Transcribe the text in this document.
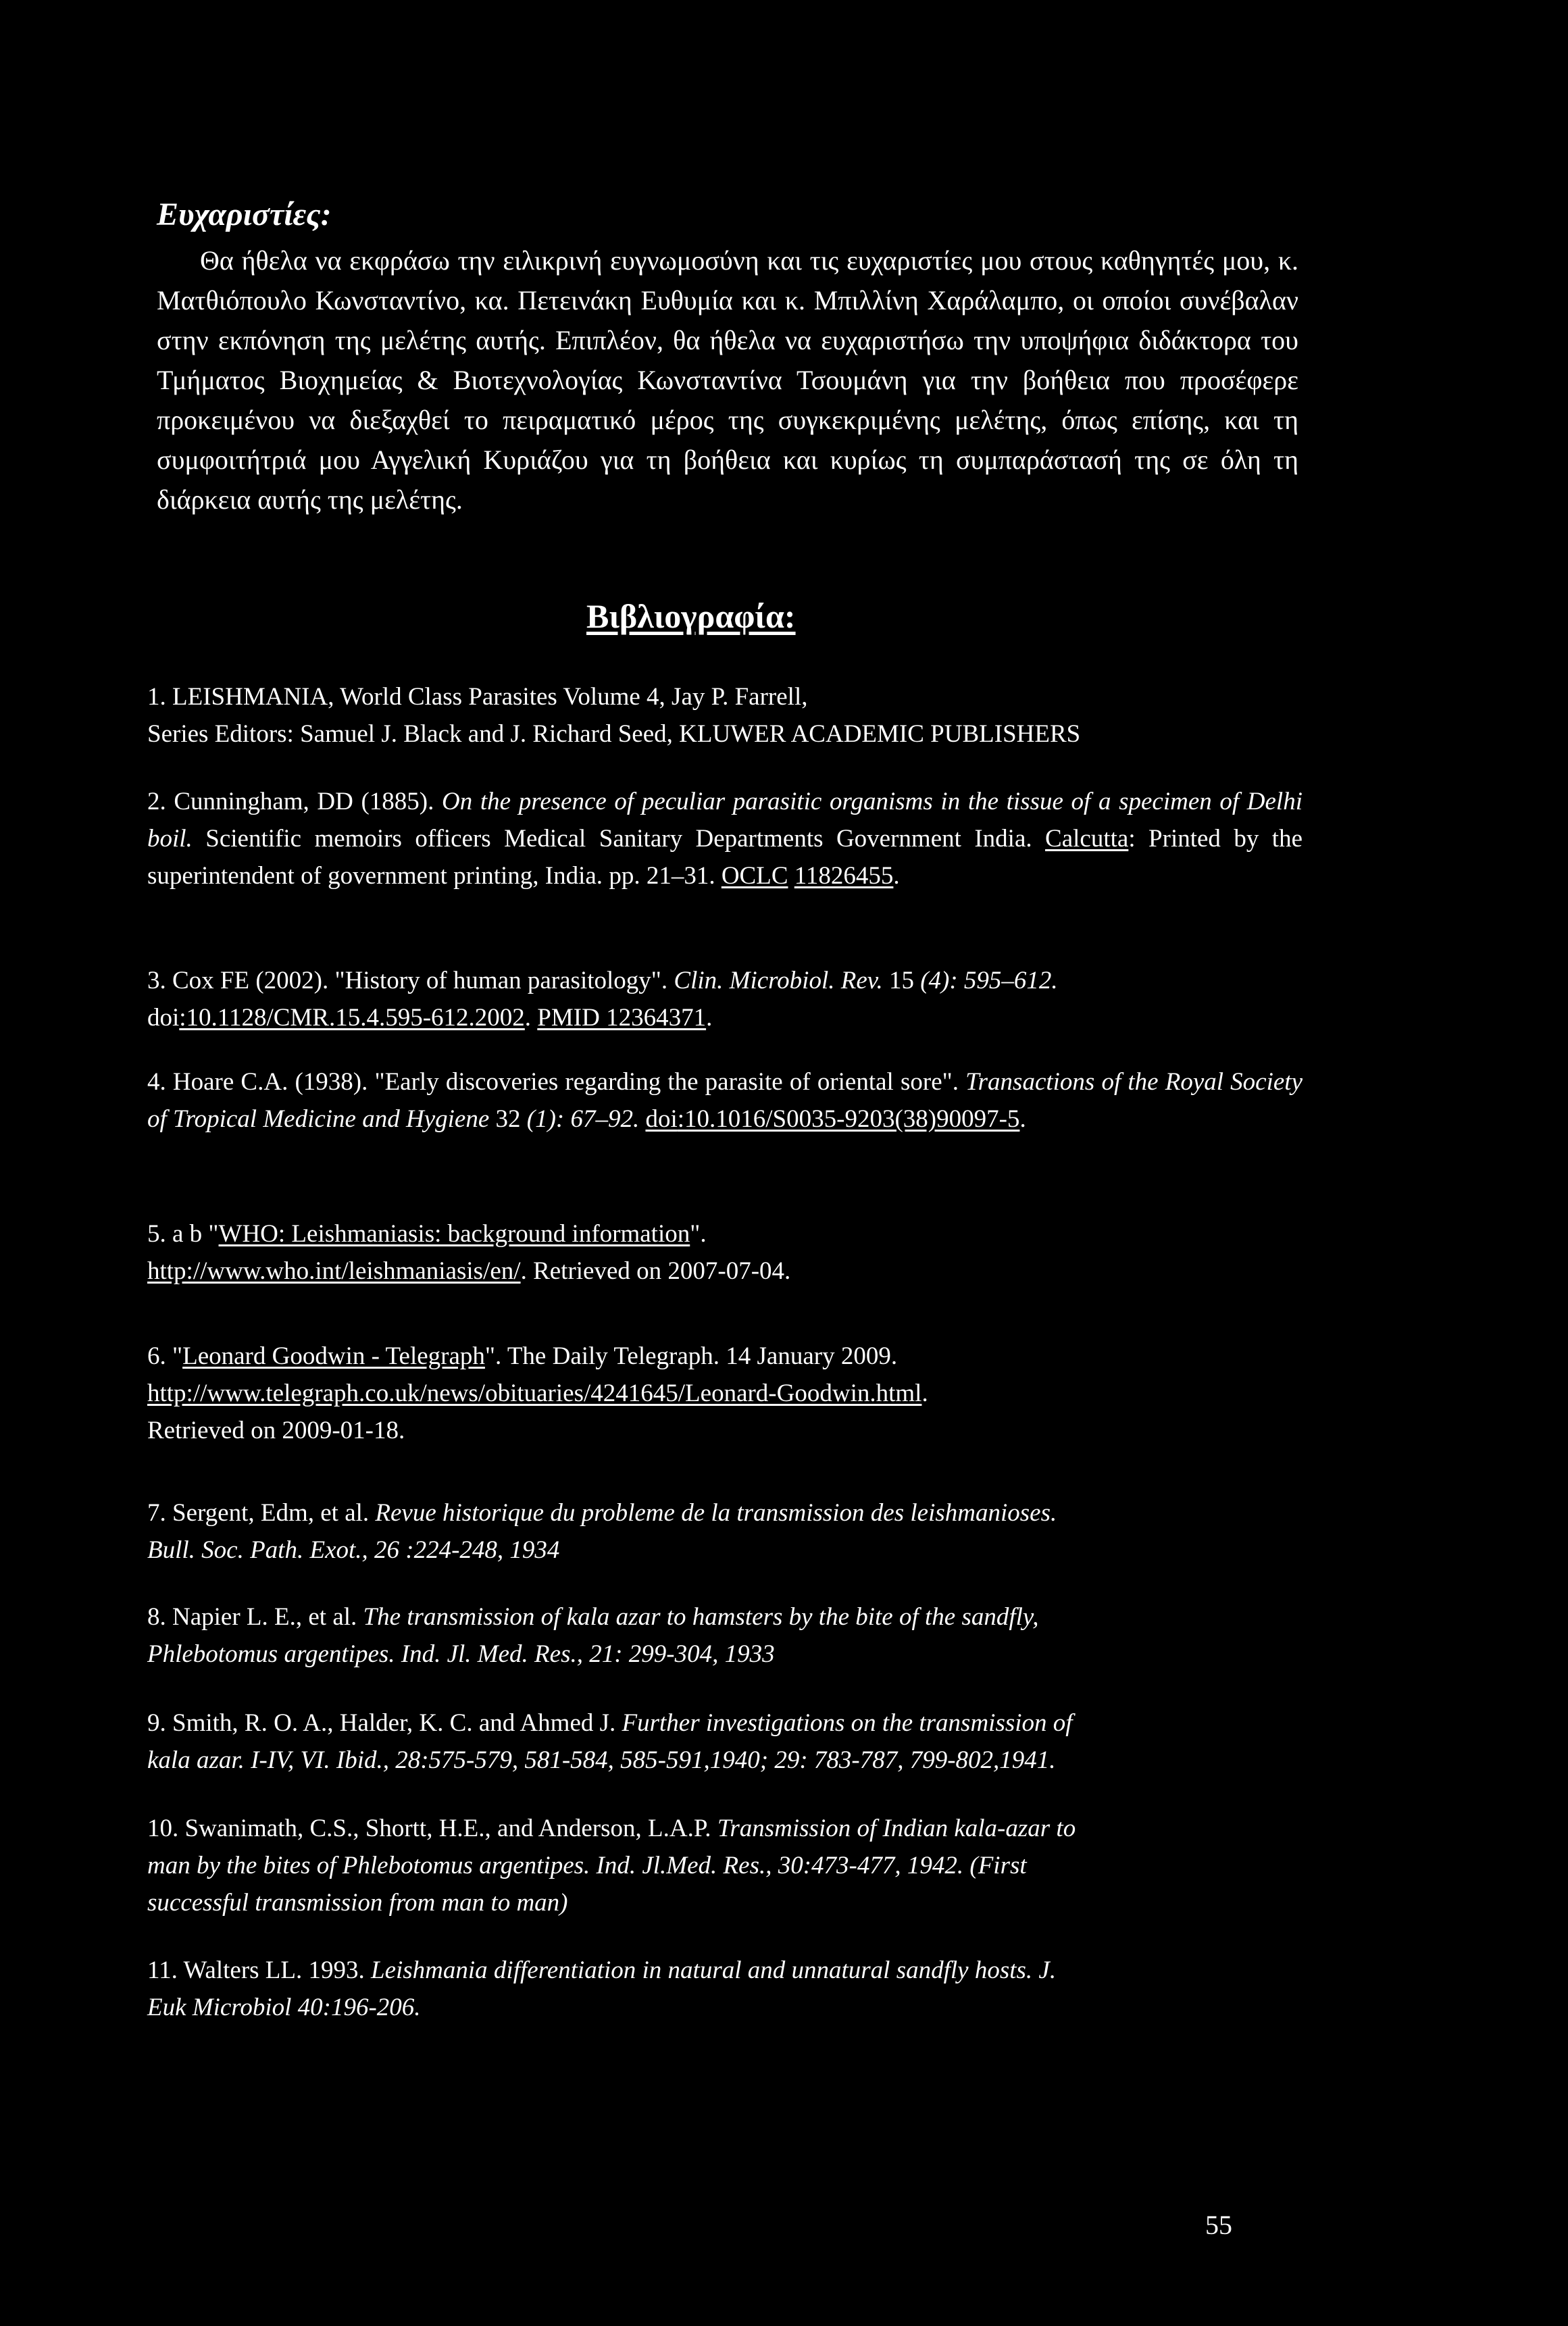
Ευχαριστίες:

Θα ήθελα να εκφράσω την ειλικρινή ευγνωμοσύνη και τις ευχαριστίες μου στους καθηγητές μου, κ. Ματθιόπουλο Κωνσταντίνο, κα. Πετεινάκη Ευθυμία και κ. Μπιλλίνη Χαράλαμπο, οι οποίοι συνέβαλαν στην εκπόνηση της μελέτης αυτής. Επιπλέον, θα ήθελα να ευχαριστήσω την υποψήφια διδάκτορα του Τμήματος Βιοχημείας & Βιοτεχνολογίας Κωνσταντίνα Τσουμάνη για την βοήθεια που προσέφερε προκειμένου να διεξαχθεί το πειραματικό μέρος της συγκεκριμένης μελέτης, όπως επίσης, και τη συμφοιτήτριά μου Αγγελική Κυριάζου για τη βοήθεια και κυρίως τη συμπαράστασή της σε όλη τη διάρκεια αυτής της μελέτης.

Βιβλιογραφία:
1. LEISHMANIA, World Class Parasites Volume 4, Jay P. Farrell,
Series Editors: Samuel J. Black and J. Richard Seed, KLUWER ACADEMIC PUBLISHERS
2. Cunningham, DD (1885). On the presence of peculiar parasitic organisms in the tissue of a specimen of Delhi boil. Scientific memoirs officers Medical Sanitary Departments Government India. Calcutta: Printed by the superintendent of government printing, India. pp. 21–31. OCLC 11826455.
3. Cox FE (2002). "History of human parasitology". Clin. Microbiol. Rev. 15 (4): 595–612.
doi:10.1128/CMR.15.4.595-612.2002. PMID 12364371.
4. Hoare C.A. (1938). "Early discoveries regarding the parasite of oriental sore". Transactions of the Royal Society of Tropical Medicine and Hygiene 32 (1): 67–92. doi:10.1016/S0035-9203(38)90097-5.
5. a b "WHO: Leishmaniasis: background information".
http://www.who.int/leishmaniasis/en/. Retrieved on 2007-07-04.
6. "Leonard Goodwin - Telegraph". The Daily Telegraph. 14 January 2009.
http://www.telegraph.co.uk/news/obituaries/4241645/Leonard-Goodwin.html.
Retrieved on 2009-01-18.
7. Sergent, Edm, et al. Revue historique du probleme de la transmission des leishmanioses.
Bull. Soc. Path. Exot., 26 :224-248, 1934
8. Napier L. E., et al. The transmission of kala azar to hamsters by the bite of the sandfly,
Phlebotomus argentipes. Ind. Jl. Med. Res., 21: 299-304, 1933
9. Smith, R. O. A., Halder, K. C. and Ahmed J. Further investigations on the transmission of
kala azar. I-IV, VI. Ibid., 28:575-579, 581-584, 585-591,1940; 29: 783-787, 799-802,1941.
10. Swanimath, C.S., Shortt, H.E., and Anderson, L.A.P. Transmission of Indian kala-azar to
man by the bites of Phlebotomus argentipes. Ind. Jl.Med. Res., 30:473-477, 1942. (First
successful transmission from man to man)
11. Walters LL. 1993. Leishmania differentiation in natural and unnatural sandfly hosts. J.
Euk Microbiol 40:196-206.
55
